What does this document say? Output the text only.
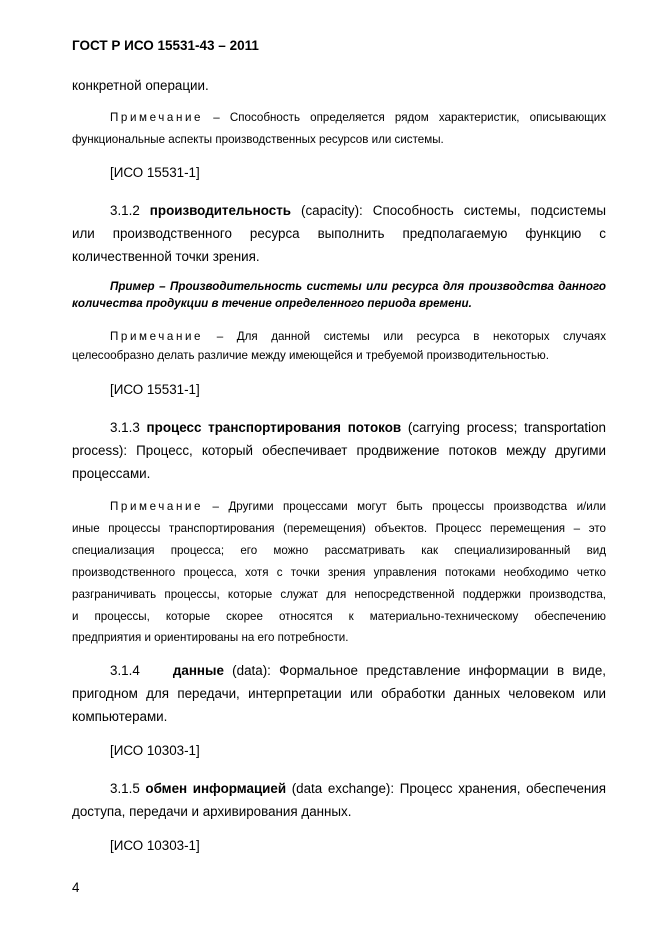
ГОСТ Р ИСО 15531-43 – 2011
конкретной операции.
Примечание – Способность определяется рядом характеристик, описывающих
функциональные аспекты производственных ресурсов или системы.
[ИСО 15531-1]
3.1.2 производительность (capacity): Способность системы, подсистемы
или производственного ресурса выполнить предполагаемую функцию с
количественной точки зрения.
Пример – Производительность системы или ресурса для производства данного
количества продукции в течение определенного периода времени.
Примечание – Для данной системы или ресурса в некоторых случаях
целесообразно делать различие между имеющейся и требуемой производительностью.
[ИСО 15531-1]
3.1.3 процесс транспортирования потоков (carrying process; transportation
process): Процесс, который обеспечивает продвижение потоков между другими
процессами.
Примечание – Другими процессами могут быть процессы производства и/или
иные процессы транспортирования (перемещения) объектов. Процесс перемещения – это
специализация процесса; его можно рассматривать как специализированный вид
производственного процесса, хотя с точки зрения управления потоками необходимо четко
разграничивать процессы, которые служат для непосредственной поддержки производства,
и процессы, которые скорее относятся к материально-техническому обеспечению
предприятия и ориентированы на его потребности.
3.1.4    данные (data): Формальное представление информации в виде,
пригодном для передачи, интерпретации или обработки данных человеком или
компьютерами.
[ИСО 10303-1]
3.1.5 обмен информацией (data exchange): Процесс хранения, обеспечения
доступа, передачи и архивирования данных.
[ИСО 10303-1]
4
